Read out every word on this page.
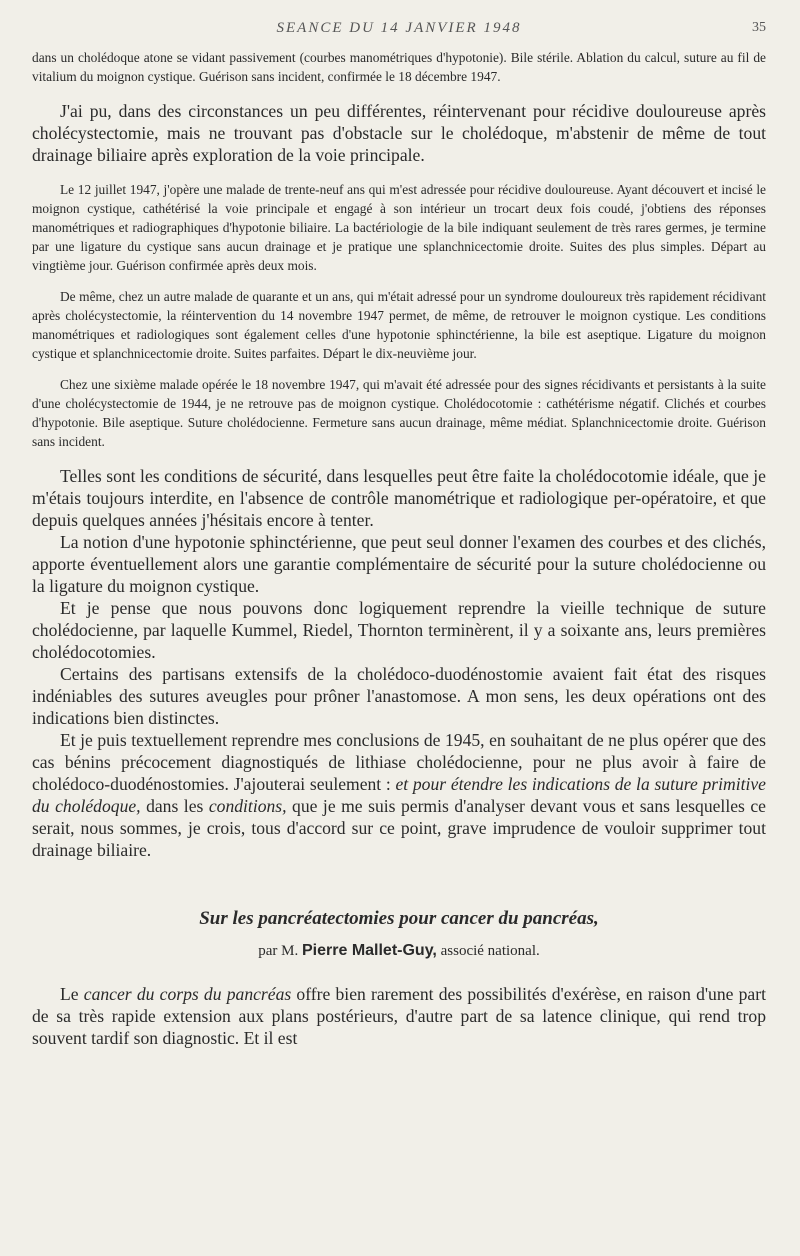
SEANCE DU 14 JANVIER 1948	35

dans un cholédoque atone se vidant passivement (courbes manométriques d'hypotonie). Bile stérile. Ablation du calcul, suture au fil de vitalium du moignon cystique. Guérison sans incident, confirmée le 18 décembre 1947.

J'ai pu, dans des circonstances un peu différentes, réintervenant pour récidive douloureuse après cholécystectomie, mais ne trouvant pas d'obstacle sur le cholédoque, m'abstenir de même de tout drainage biliaire après exploration de la voie principale.

Le 12 juillet 1947, j'opère une malade de trente-neuf ans qui m'est adressée pour récidive douloureuse. Ayant découvert et incisé le moignon cystique, cathétérisé la voie principale et engagé à son intérieur un trocart deux fois coudé, j'obtiens des réponses manométriques et radiographiques d'hypotonie biliaire. La bactériologie de la bile indiquant seulement de très rares germes, je termine par une ligature du cystique sans aucun drainage et je pratique une splanchnicectomie droite. Suites des plus simples. Départ au vingtième jour. Guérison confirmée après deux mois.

De même, chez un autre malade de quarante et un ans, qui m'était adressé pour un syndrome douloureux très rapidement récidivant après cholécystectomie, la réintervention du 14 novembre 1947 permet, de même, de retrouver le moignon cystique. Les conditions manométriques et radiologiques sont également celles d'une hypotonie sphinctérienne, la bile est aseptique. Ligature du moignon cystique et splanchnicectomie droite. Suites parfaites. Départ le dix-neuvième jour.

Chez une sixième malade opérée le 18 novembre 1947, qui m'avait été adressée pour des signes récidivants et persistants à la suite d'une cholécystectomie de 1944, je ne retrouve pas de moignon cystique. Cholédocotomie : cathétérisme négatif. Clichés et courbes d'hypotonie. Bile aseptique. Suture cholédocienne. Fermeture sans aucun drainage, même médiat. Splanchnicectomie droite. Guérison sans incident.

Telles sont les conditions de sécurité, dans lesquelles peut être faite la cholédocotomie idéale, que je m'étais toujours interdite, en l'absence de contrôle manométrique et radiologique per-opératoire, et que depuis quelques années j'hésitais encore à tenter.

La notion d'une hypotonie sphinctérienne, que peut seul donner l'examen des courbes et des clichés, apporte éventuellement alors une garantie complémentaire de sécurité pour la suture cholédocienne ou la ligature du moignon cystique.

Et je pense que nous pouvons donc logiquement reprendre la vieille technique de suture cholédocienne, par laquelle Kummel, Riedel, Thornton terminèrent, il y a soixante ans, leurs premières cholédocotomies.

Certains des partisans extensifs de la cholédoco-duodénostomie avaient fait état des risques indéniables des sutures aveugles pour prôner l'anastomose. A mon sens, les deux opérations ont des indications bien distinctes.

Et je puis textuellement reprendre mes conclusions de 1945, en souhaitant de ne plus opérer que des cas bénins précocement diagnostiqués de lithiase cholédocienne, pour ne plus avoir à faire de cholédoco-duodénostomies. J'ajouterai seulement : et pour étendre les indications de la suture primitive du cholédoque, dans les conditions, que je me suis permis d'analyser devant vous et sans lesquelles ce serait, nous sommes, je crois, tous d'accord sur ce point, grave imprudence de vouloir supprimer tout drainage biliaire.

Sur les pancréatectomies pour cancer du pancréas,
par M. Pierre Mallet-Guy, associé national.

Le cancer du corps du pancréas offre bien rarement des possibilités d'exérèse, en raison d'une part de sa très rapide extension aux plans postérieurs, d'autre part de sa latence clinique, qui rend trop souvent tardif son diagnostic. Et il est
